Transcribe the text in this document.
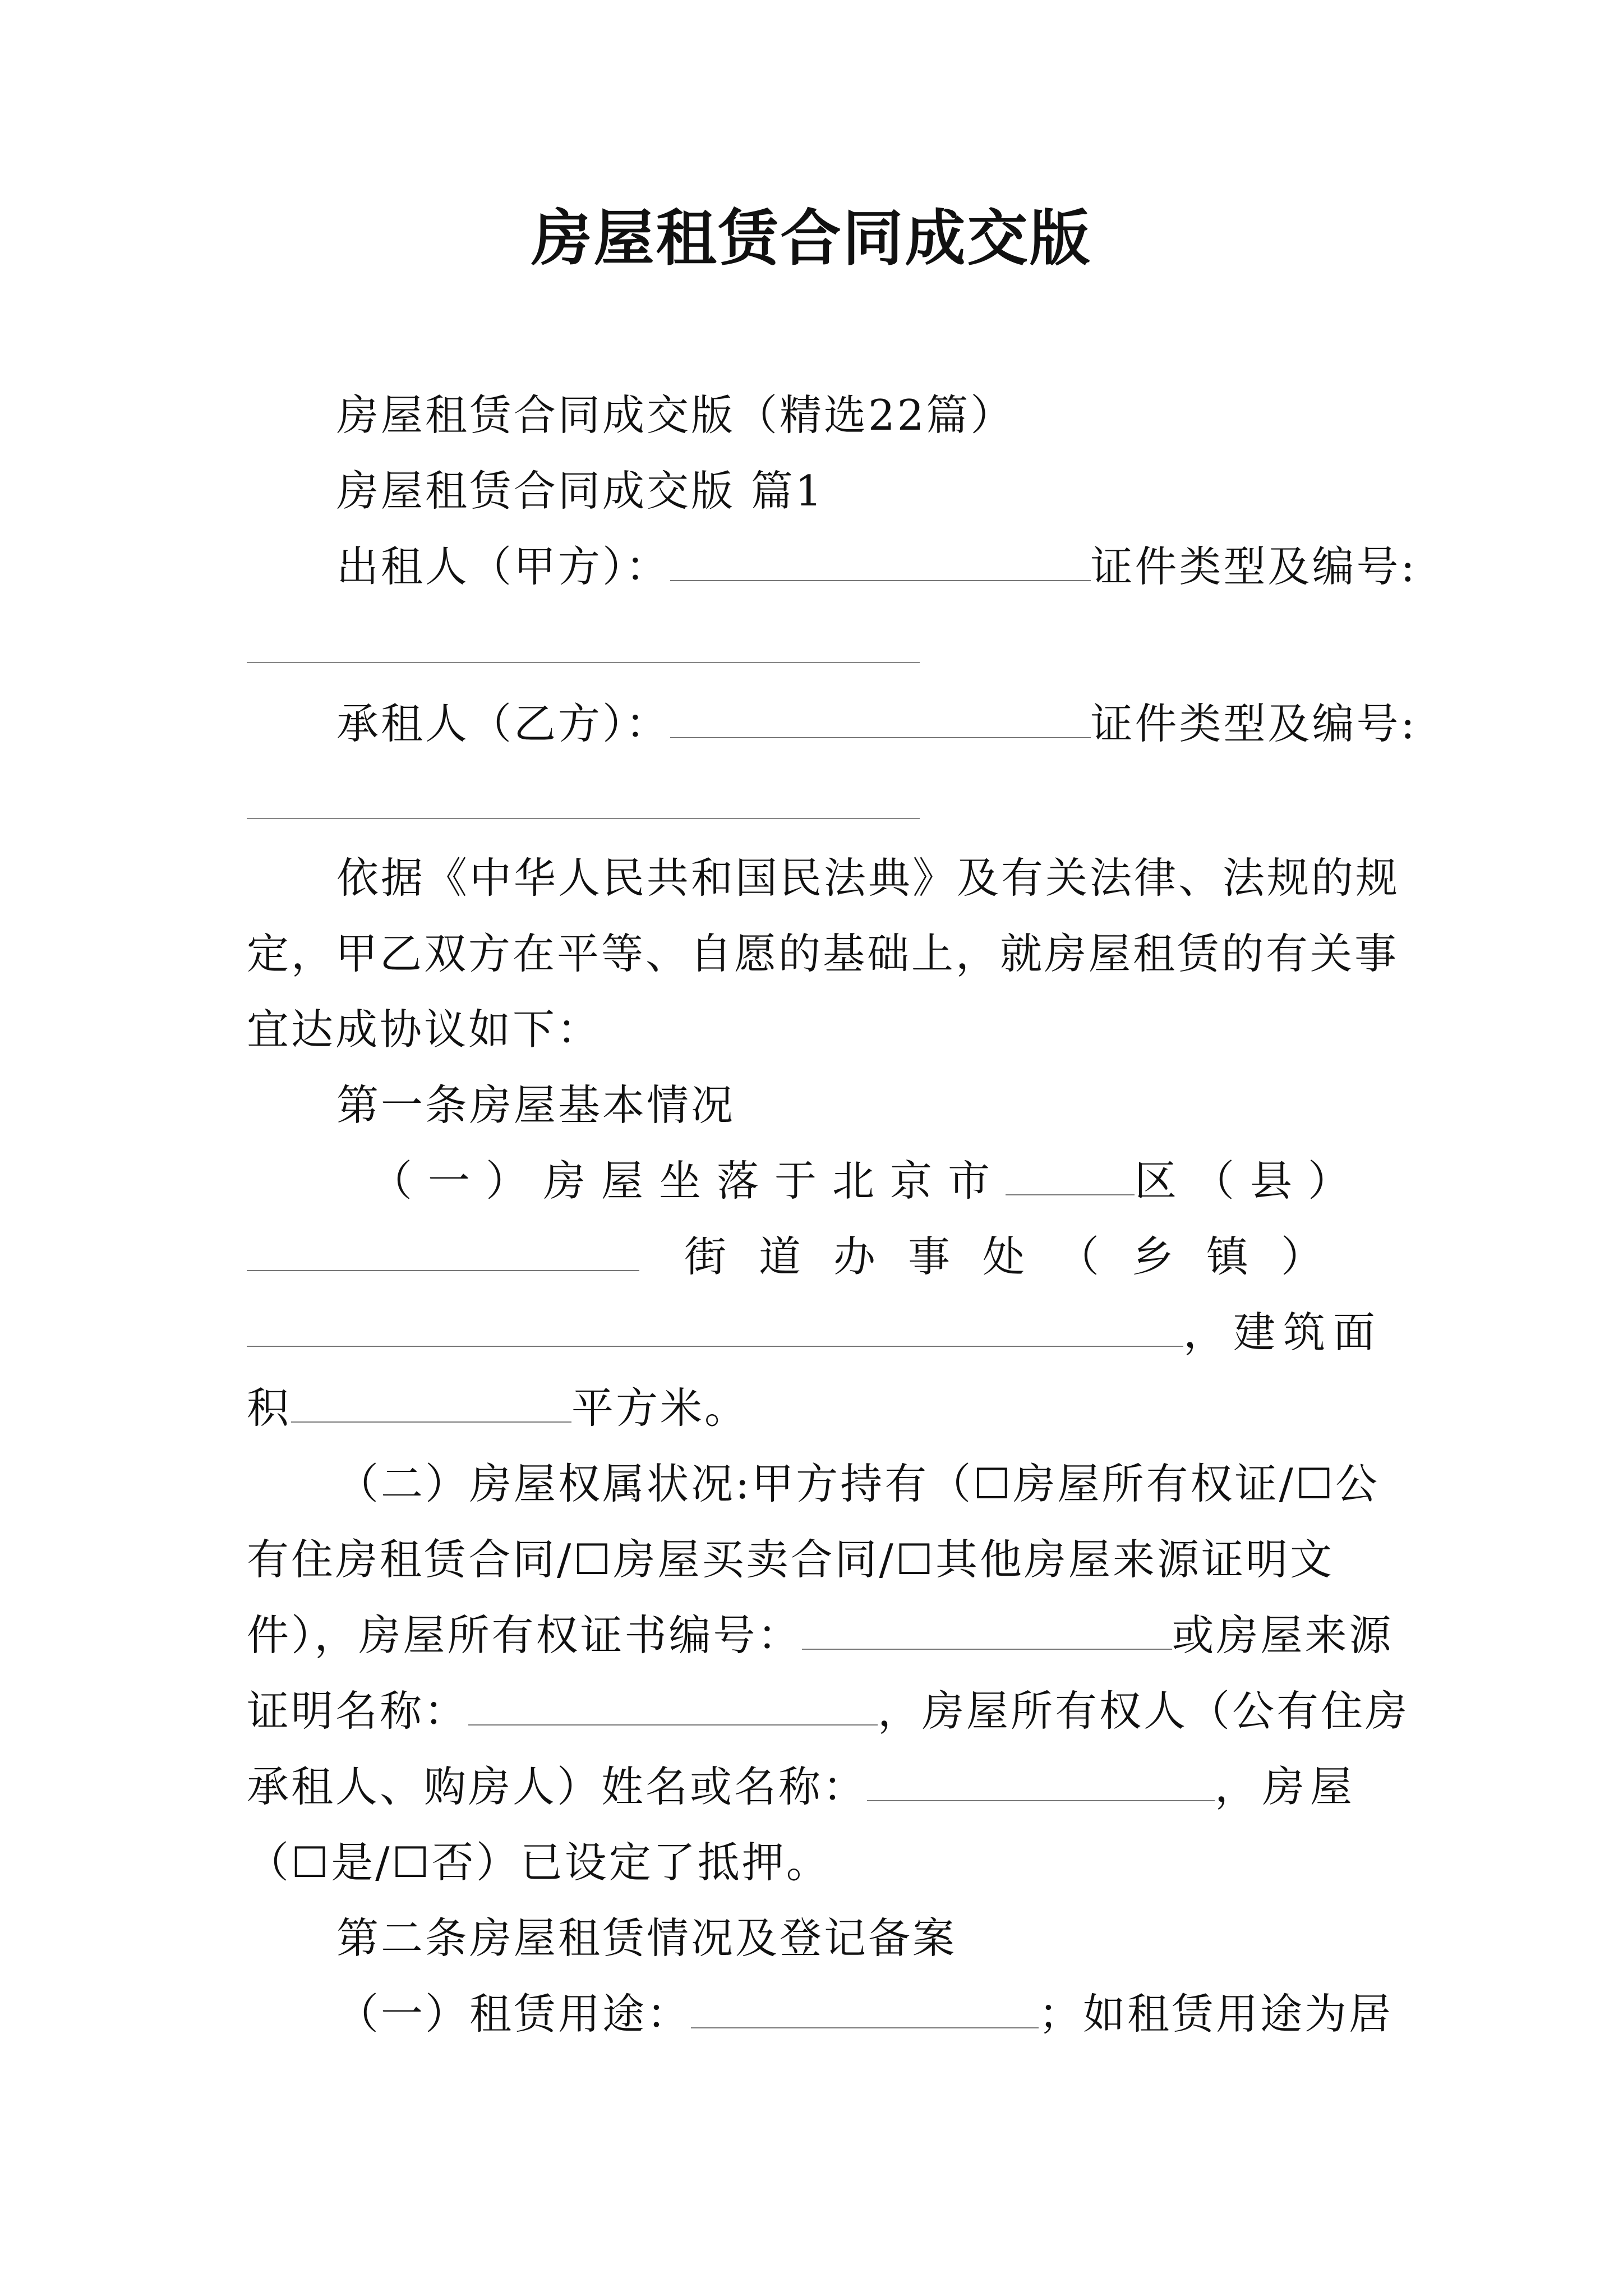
房屋租赁合同成交版
房屋租赁合同成交版（精选22篇）
房屋租赁合同成交版 篇1
出租人（甲方）：	证件类型及编号:
承租人（乙方）：	证件类型及编号:
依据《中华人民共和国民法典》及有关法律、法规的规
定，甲乙双方在平等、自愿的基础上，就房屋租赁的有关事
宜达成协议如下：
第一条房屋基本情况
（一）房屋坐落于北京市	区（县）
街道办事处（乡镇）
，建筑面
积	平方米。
（二）房屋权属状况:甲方持有（☐房屋所有权证/☐公
有住房租赁合同/☐房屋买卖合同/☐其他房屋来源证明文
件），房屋所有权证书编号：	或房屋来源
证明名称：	，房屋所有权人（公有住房
承租人、购房人）姓名或名称：	，房屋
（☐是/☐否）已设定了抵押。
第二条房屋租赁情况及登记备案
（一）租赁用途：	；如租赁用途为居
